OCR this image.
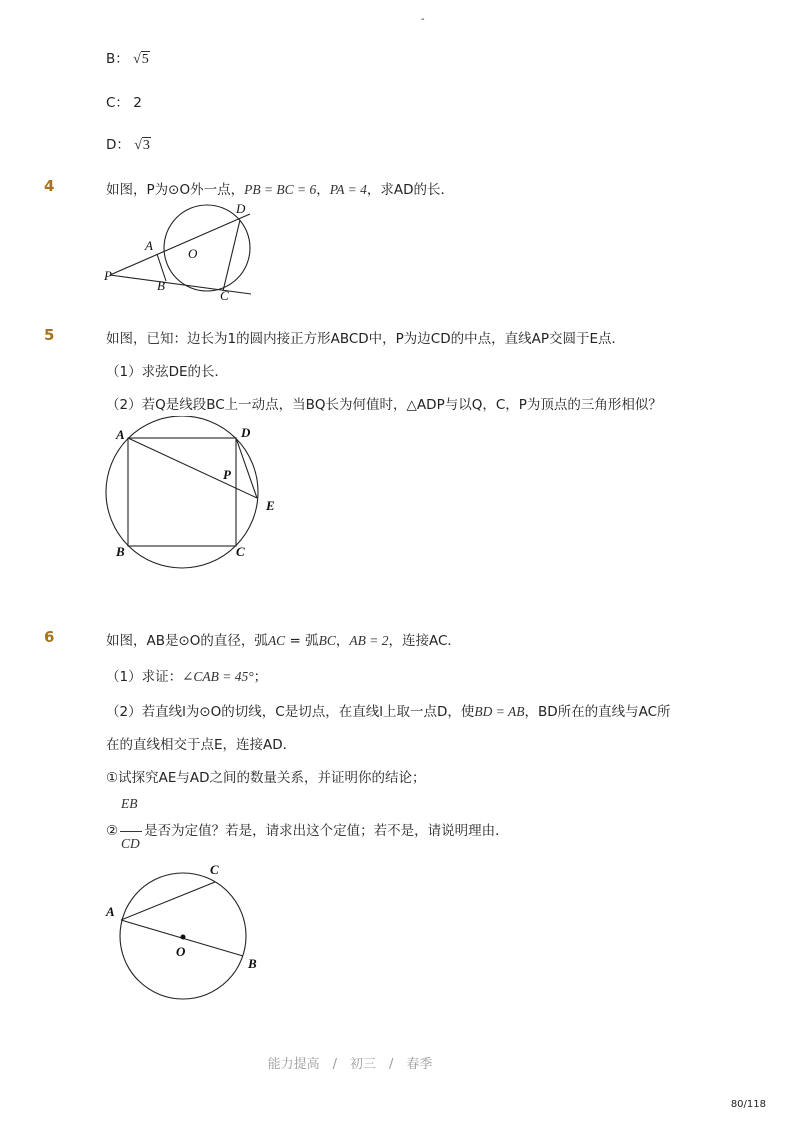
-
B： √5
C： 2
D： √3
4	如图，P为⊙O外一点，PB = BC = 6，PA = 4，求AD的长．
D
A
O
P
B
C
5	如图，已知：边长为1的圆内接正方形ABCD中，P为边CD的中点，直线AP交圆于E点．
（1）求弦DE的长．
（2）若Q是线段BC上一动点，当BQ长为何值时，△ADP与以Q，C，P为顶点的三角形相似？
A	D
P
E
B	C
6	如图，AB是⊙O的直径，弧AC = 弧BC，AB = 2，连接AC．
（1）求证：∠CAB = 45°；
（2）若直线l为⊙O的切线，C是切点，在直线l上取一点D，使BD = AB，BD所在的直线与AC所
在的直线相交于点E，连接AD．
①试探究AE与AD之间的数量关系，并证明你的结论；
EB
② 是否为定值？若是，请求出这个定值；若不是，请说明理由．
CD
C
A
O
B
能力提高　/　初三　/　春季
80/118
